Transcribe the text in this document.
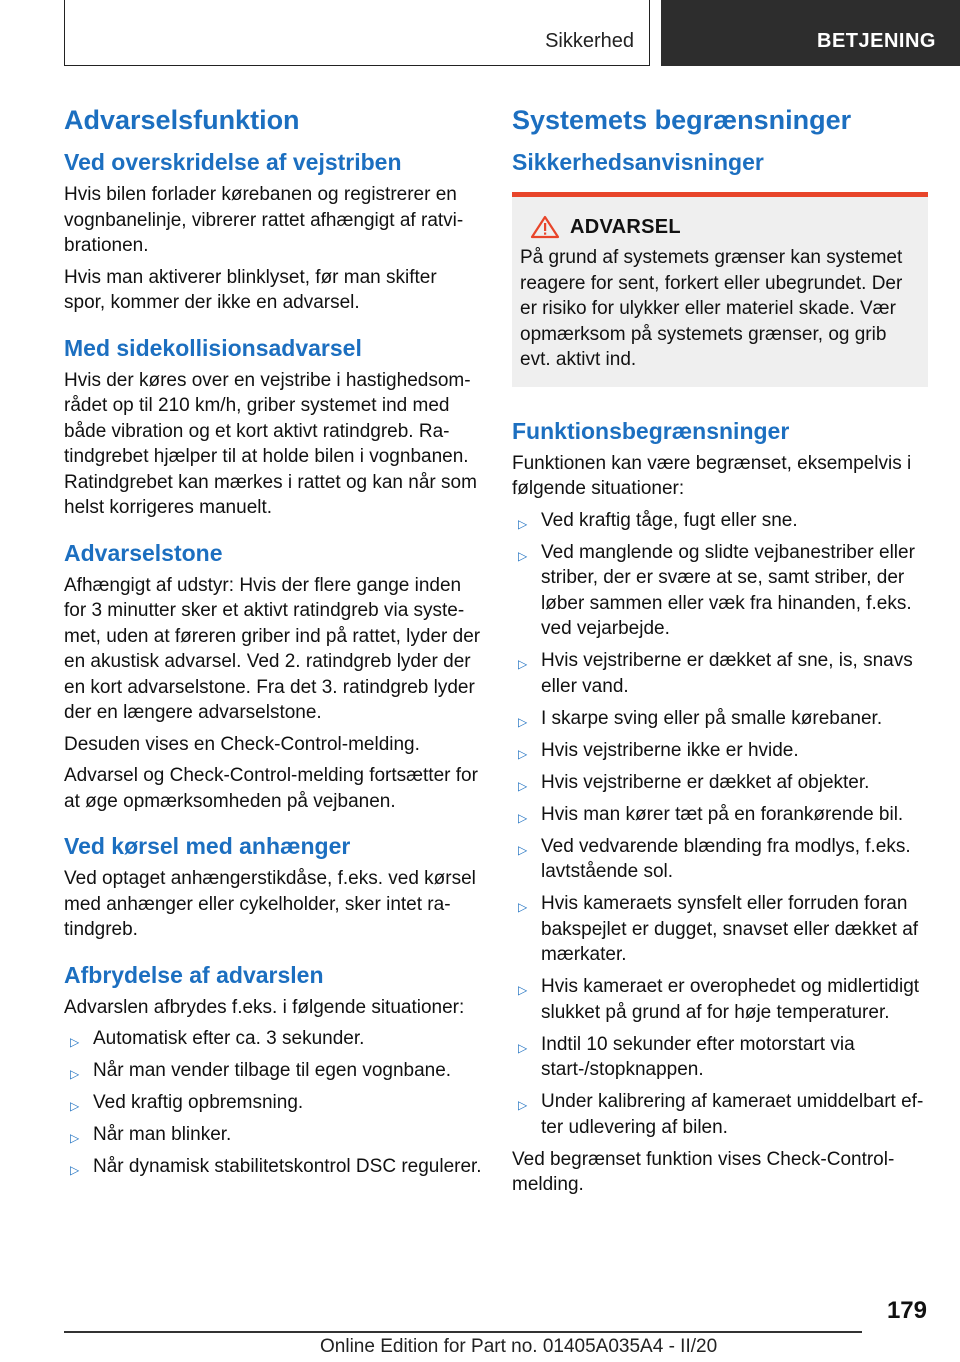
Sikkerhed	BETJENING
Advarselsfunktion
Ved overskridelse af vejstriben

Hvis bilen forlader kørebanen og registrerer en vognbanelinje, vibrerer rattet afhængigt af ratvibrationen.

Hvis man aktiverer blinklyset, før man skifter spor, kommer der ikke en advarsel.

Med sidekollisionsadvarsel

Hvis der køres over en vejstribe i hastighedsområdet op til 210 km/h, griber systemet ind med både vibration og et kort aktivt ratindgreb. Ratindgrebet hjælper til at holde bilen i vognbanen. Ratindgrebet kan mærkes i rattet og kan når som helst korrigeres manuelt.

Advarselstone

Afhængigt af udstyr: Hvis der flere gange inden for 3 minutter sker et aktivt ratindgreb via systemet, uden at føreren griber ind på rattet, lyder der en akustisk advarsel. Ved 2. ratindgreb lyder der en kort advarselstone. Fra det 3. ratindgreb lyder der en længere advarselstone.

Desuden vises en Check-Control-melding.

Advarsel og Check-Control-melding fortsætter for at øge opmærksomheden på vejbanen.

Ved kørsel med anhænger

Ved optaget anhængerstikdåse, f.eks. ved kørsel med anhænger eller cykelholder, sker intet ratindgreb.

Afbrydelse af advarslen

Advarslen afbrydes f.eks. i følgende situationer:

▷ Automatisk efter ca. 3 sekunder.
▷ Når man vender tilbage til egen vognbane.
▷ Ved kraftig opbremsning.
▷ Når man blinker.
▷ Når dynamisk stabilitetskontrol DSC regulerer.
Systemets begrænsninger
Sikkerhedsanvisninger
ADVARSEL

På grund af systemets grænser kan systemet reagere for sent, forkert eller ubegrundet. Der er risiko for ulykker eller materiel skade. Vær opmærksom på systemets grænser, og grib evt. aktivt ind.

Funktionsbegrænsninger

Funktionen kan være begrænset, eksempelvis i følgende situationer:

▷ Ved kraftig tåge, fugt eller sne.
▷ Ved manglende og slidte vejbanestriber eller striber, der er svære at se, samt striber, der løber sammen eller væk fra hinanden, f.eks. ved vejarbejde.
▷ Hvis vejstriberne er dækket af sne, is, snavs eller vand.
▷ I skarpe sving eller på smalle kørebaner.
▷ Hvis vejstriberne ikke er hvide.
▷ Hvis vejstriberne er dækket af objekter.
▷ Hvis man kører tæt på en forankørende bil.
▷ Ved vedvarende blænding fra modlys, f.eks. lavtstående sol.
▷ Hvis kameraets synsfelt eller forruden foran bakspejlet er dugget, snavset eller dækket af mærkater.
▷ Hvis kameraet er overophedet og midlertidigt slukket på grund af for høje temperaturer.
▷ Indtil 10 sekunder efter motorstart via start-/stopknappen.
▷ Under kalibrering af kameraet umiddelbart efter udlevering af bilen.

Ved begrænset funktion vises Check-Control-melding.

179
Online Edition for Part no. 01405A035A4 - II/20
